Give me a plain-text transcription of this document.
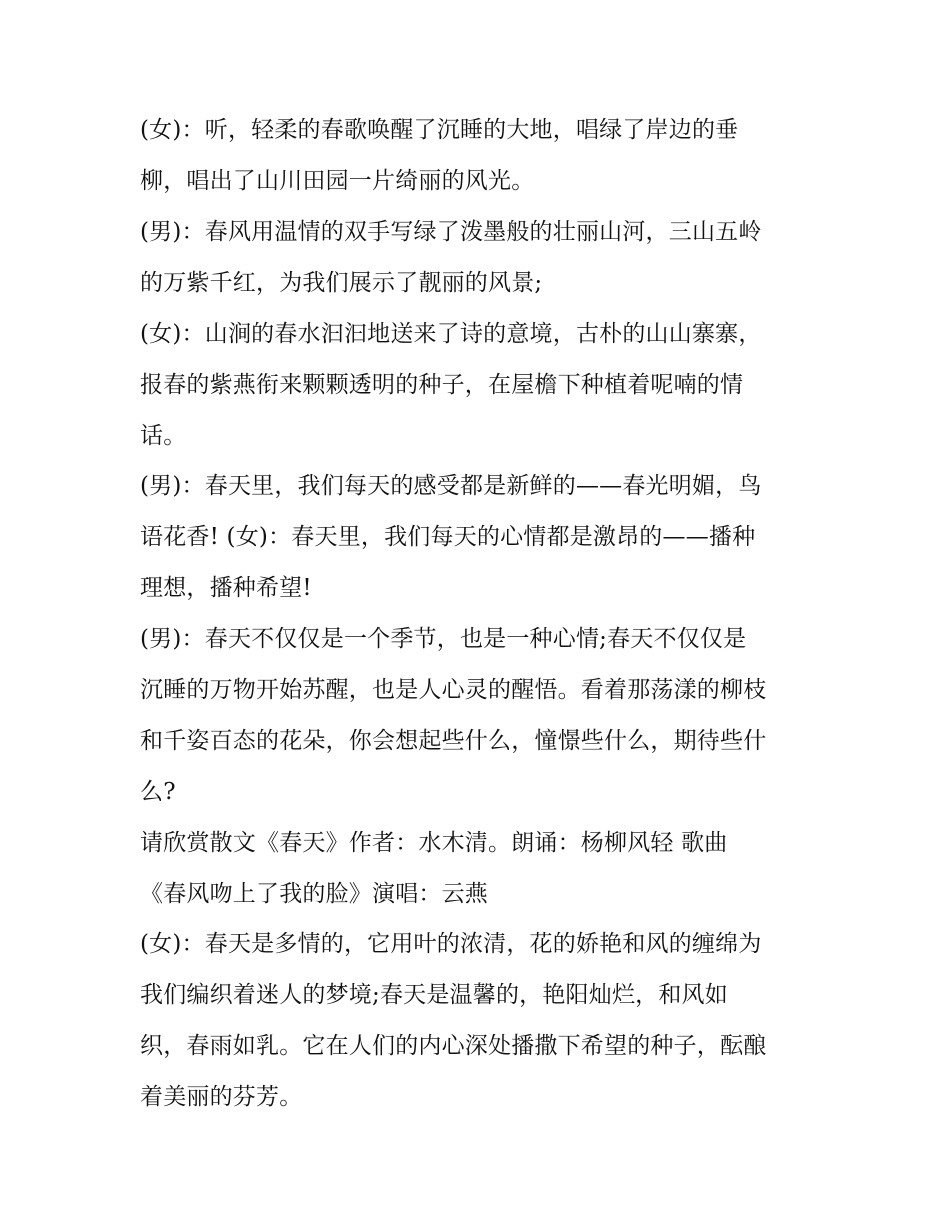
(女)：听，轻柔的春歌唤醒了沉睡的大地，唱绿了岸边的垂
柳，唱出了山川田园一片绮丽的风光。
(男)：春风用温情的双手写绿了泼墨般的壮丽山河，三山五岭
的万紫千红，为我们展示了靓丽的风景;
(女)：山涧的春水汩汩地送来了诗的意境，古朴的山山寨寨，
报春的紫燕衔来颗颗透明的种子，在屋檐下种植着呢喃的情
话。
(男)：春天里，我们每天的感受都是新鲜的——春光明媚，鸟
语花香! (女)：春天里，我们每天的心情都是激昂的——播种
理想，播种希望!
(男)：春天不仅仅是一个季节，也是一种心情;春天不仅仅是
沉睡的万物开始苏醒，也是人心灵的醒悟。看着那荡漾的柳枝
和千姿百态的花朵，你会想起些什么，憧憬些什么，期待些什
么?
请欣赏散文《春天》作者：水木清。朗诵：杨柳风轻 歌曲
《春风吻上了我的脸》演唱：云燕
(女)：春天是多情的，它用叶的浓清，花的娇艳和风的缠绵为
我们编织着迷人的梦境;春天是温馨的，艳阳灿烂，和风如
织，春雨如乳。它在人们的内心深处播撒下希望的种子，酝酿
着美丽的芬芳。
